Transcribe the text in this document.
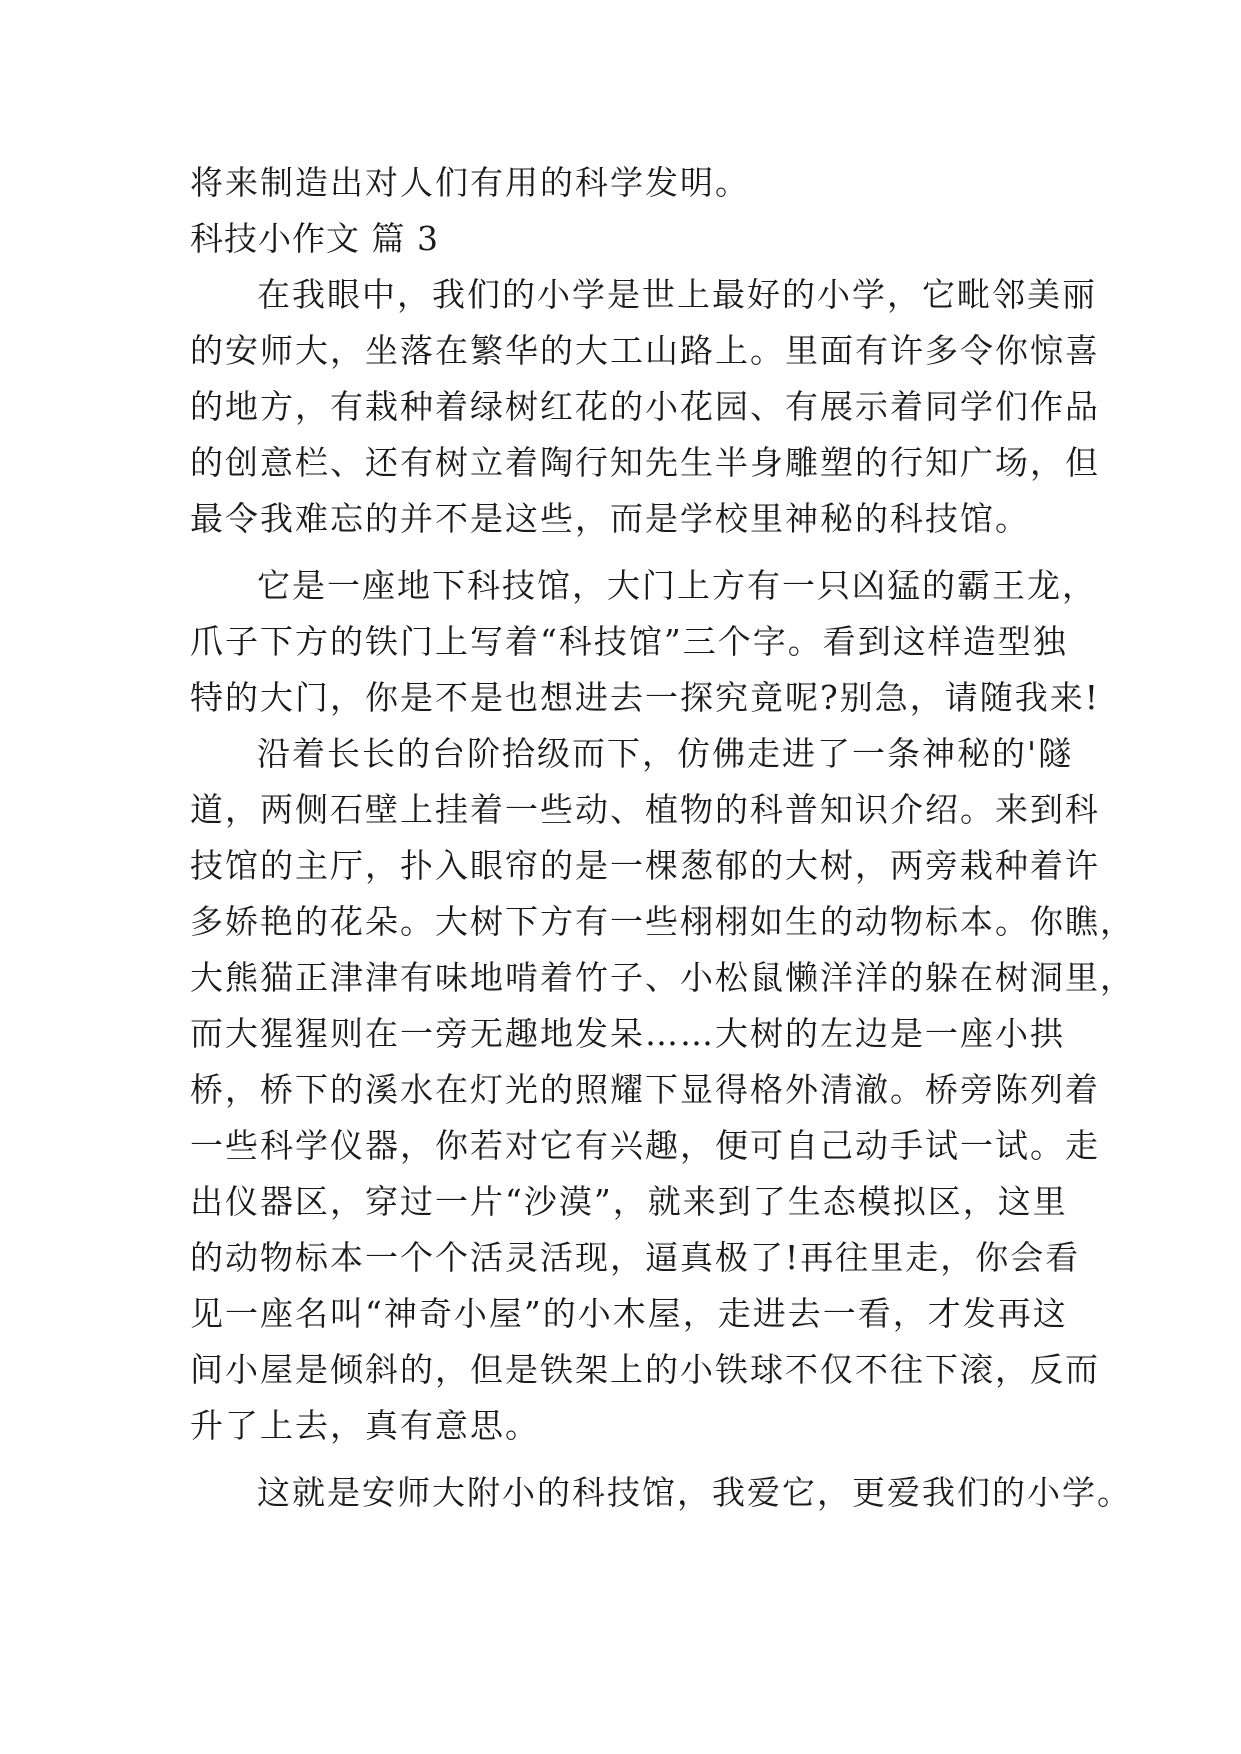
将来制造出对人们有用的科学发明。
科技小作文 篇 3
在我眼中，我们的小学是世上最好的小学，它毗邻美丽
的安师大，坐落在繁华的大工山路上。里面有许多令你惊喜
的地方，有栽种着绿树红花的小花园、有展示着同学们作品
的创意栏、还有树立着陶行知先生半身雕塑的行知广场，但
最令我难忘的并不是这些，而是学校里神秘的科技馆。
它是一座地下科技馆，大门上方有一只凶猛的霸王龙，
爪子下方的铁门上写着“科技馆”三个字。看到这样造型独
特的大门，你是不是也想进去一探究竟呢?别急，请随我来!
沿着长长的台阶拾级而下，仿佛走进了一条神秘的'隧
道，两侧石壁上挂着一些动、植物的科普知识介绍。来到科
技馆的主厅，扑入眼帘的是一棵葱郁的大树，两旁栽种着许
多娇艳的花朵。大树下方有一些栩栩如生的动物标本。你瞧，
大熊猫正津津有味地啃着竹子、小松鼠懒洋洋的躲在树洞里，
而大猩猩则在一旁无趣地发呆……大树的左边是一座小拱
桥，桥下的溪水在灯光的照耀下显得格外清澈。桥旁陈列着
一些科学仪器，你若对它有兴趣，便可自己动手试一试。走
出仪器区，穿过一片“沙漠”，就来到了生态模拟区，这里
的动物标本一个个活灵活现，逼真极了!再往里走，你会看
见一座名叫“神奇小屋”的小木屋，走进去一看，才发再这
间小屋是倾斜的，但是铁架上的小铁球不仅不往下滚，反而
升了上去，真有意思。
这就是安师大附小的科技馆，我爱它，更爱我们的小学。
